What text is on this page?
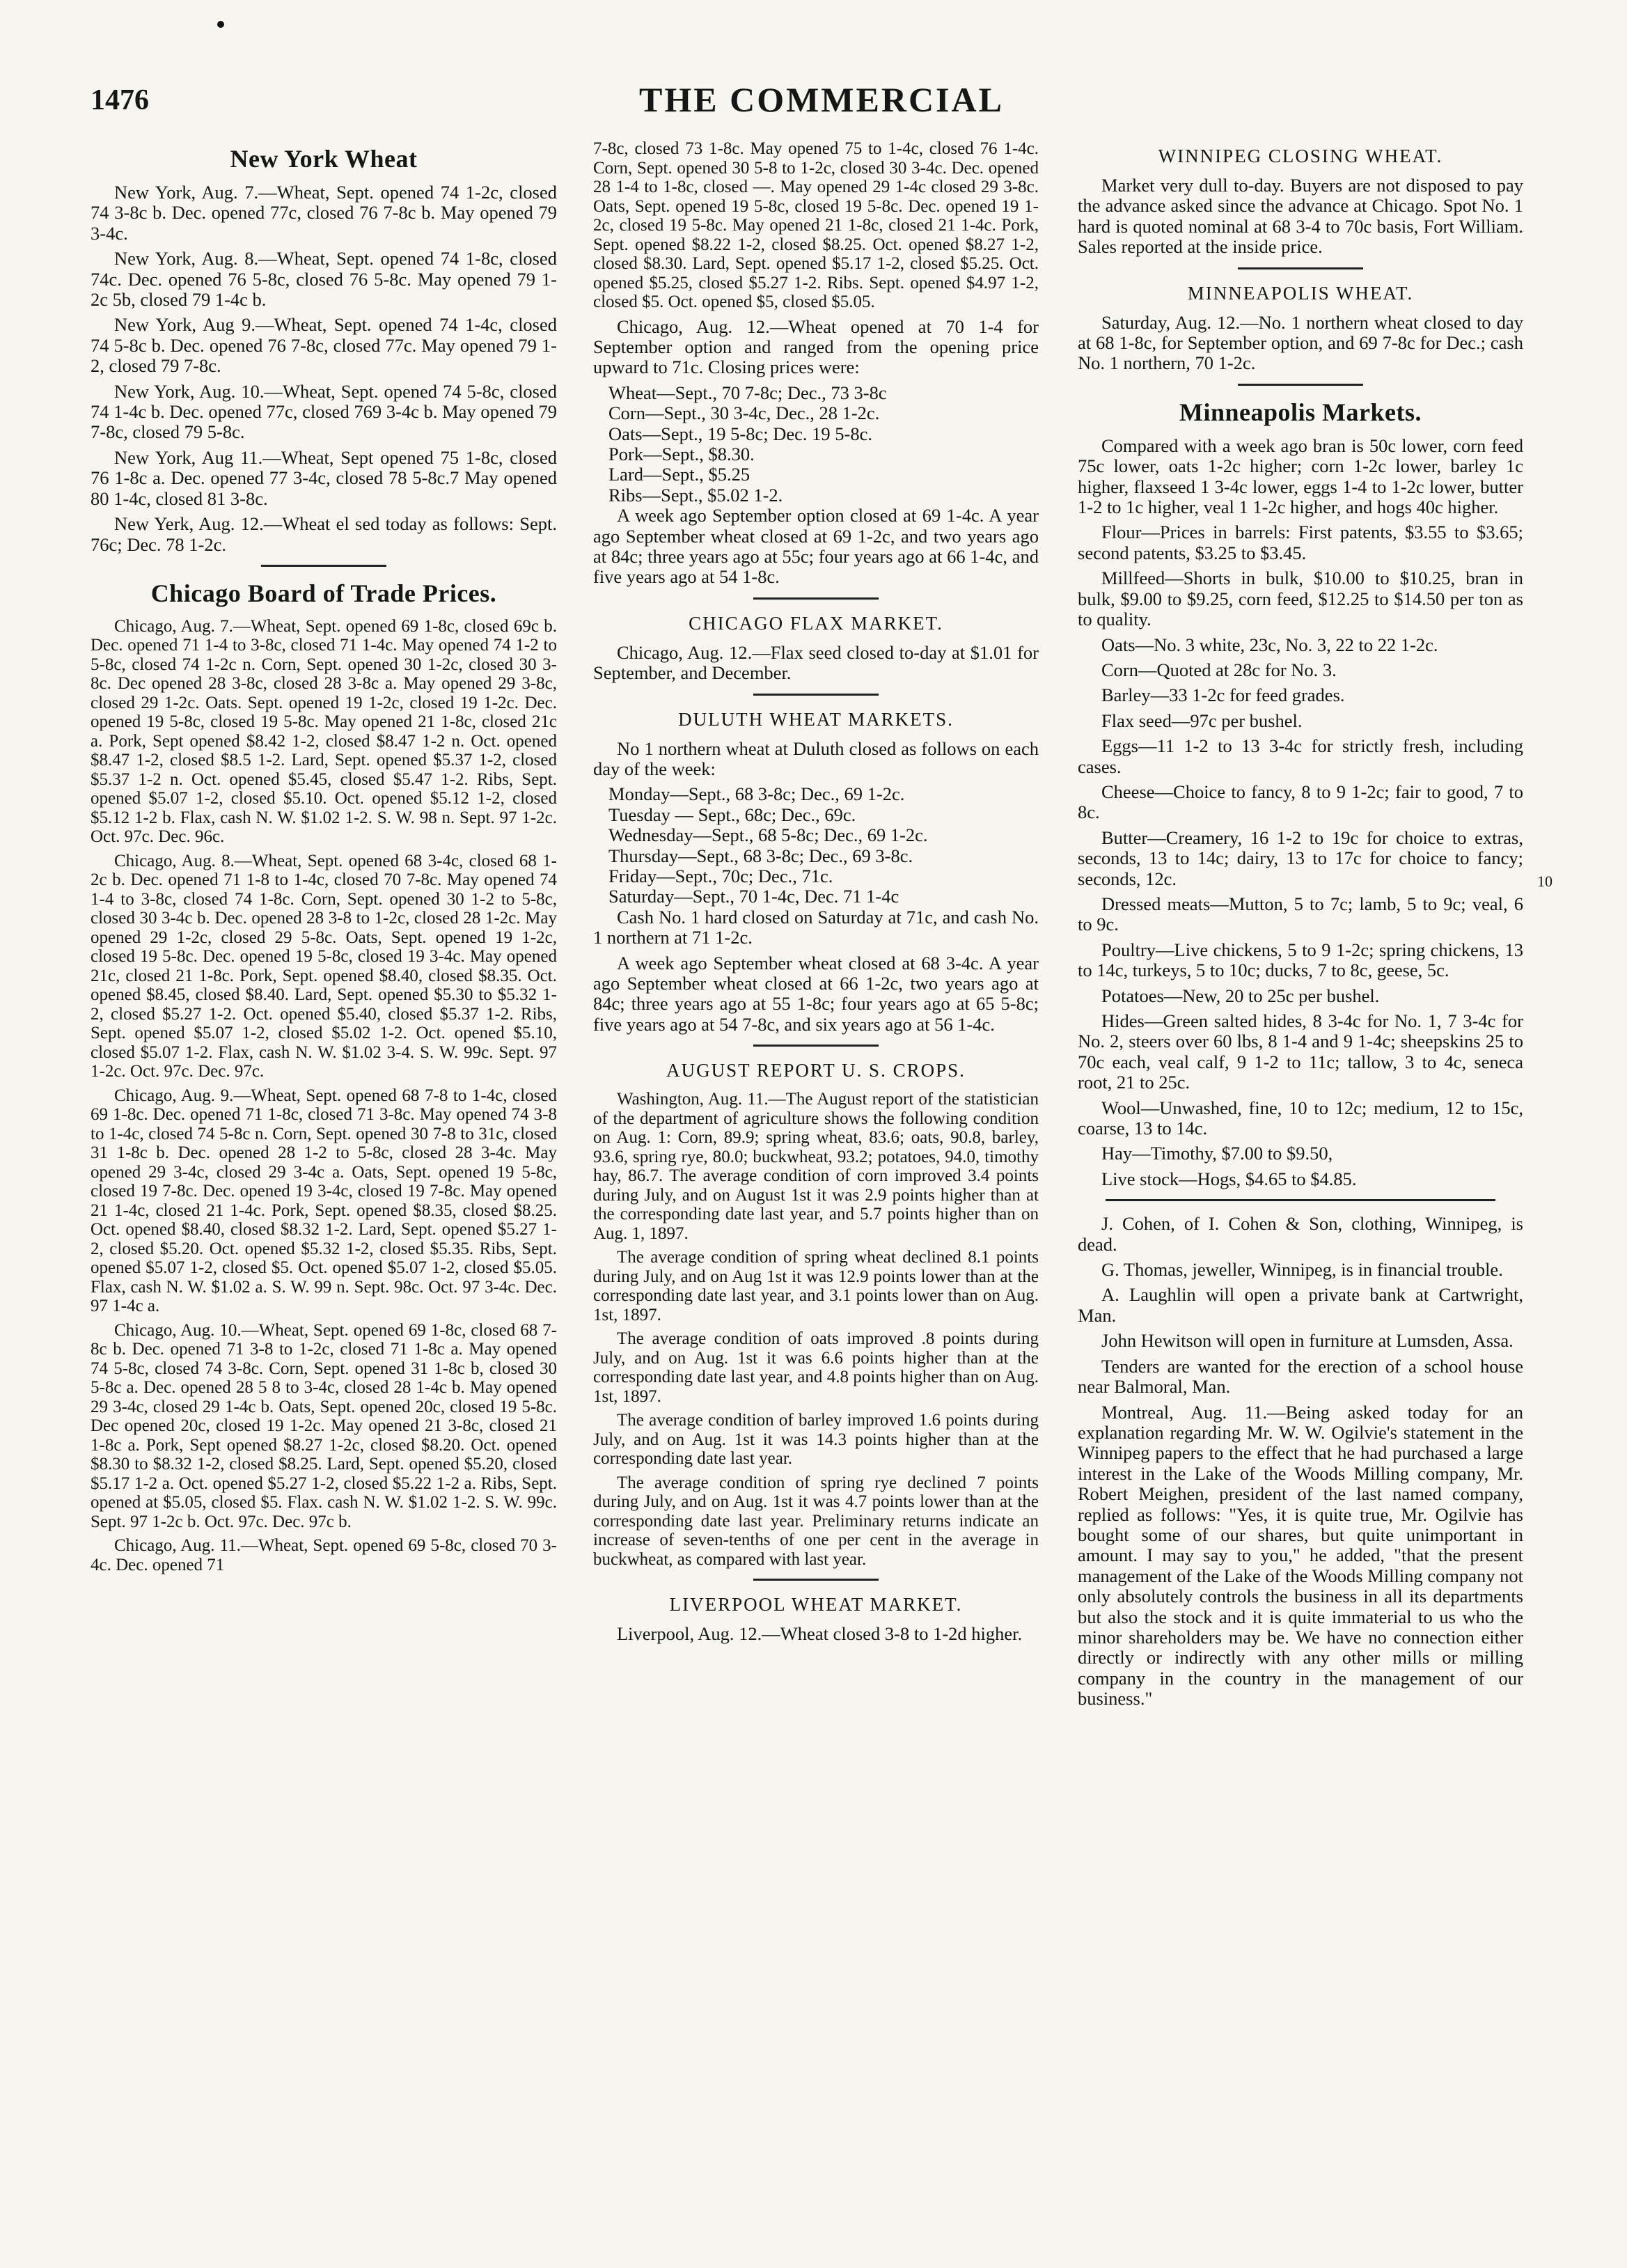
1476	THE COMMERCIAL
New York Wheat

New York, Aug. 7.—Wheat, Sept. opened 74 1-2c, closed 74 3-8c b. Dec. opened 77c, closed 76 7-8c b. May opened 79 3-4c.

New York, Aug. 8.—Wheat, Sept. opened 74 1-8c, closed 74c. Dec. opened 76 5-8c, closed 76 5-8c. May opened 79 1-2c 5b, closed 79 1-4c b.

New York, Aug 9.—Wheat, Sept. opened 74 1-4c, closed 74 5-8c b. Dec. opened 76 7-8c, closed 77c. May opened 79 1-2, closed 79 7-8c.

New York, Aug. 10.—Wheat, Sept. opened 74 5-8c, closed 74 1-4c b. Dec. opened 77c, closed 769 3-4c b. May opened 79 7-8c, closed 79 5-8c.

New York, Aug 11.—Wheat, Sept opened 75 1-8c, closed 76 1-8c a. Dec. opened 77 3-4c, closed 78 5-8c.7 May opened 80 1-4c, closed 81 3-8c.

New Yerk, Aug. 12.—Wheat el sed today as follows: Sept. 76c; Dec. 78 1-2c.

Chicago Board of Trade Prices.

Chicago, Aug. 7.—Wheat, Sept. opened 69 1-8c, closed 69c b. Dec. opened 71 1-4 to 3-8c, closed 71 1-4c. May opened 74 1-2 to 5-8c, closed 74 1-2c n. Corn, Sept. opened 30 1-2c, closed 30 3-8c. Dec opened 28 3-8c, closed 28 3-8c a. May opened 29 3-8c, closed 29 1-2c. Oats. Sept. opened 19 1-2c, closed 19 1-2c. Dec. opened 19 5-8c, closed 19 5-8c. May opened 21 1-8c, closed 21c a. Pork, Sept opened $8.42 1-2, closed $8.47 1-2 n. Oct. opened $8.47 1-2, closed $8.5 1-2. Lard, Sept. opened $5.37 1-2, closed $5.37 1-2 n. Oct. opened $5.45, closed $5.47 1-2. Ribs, Sept. opened $5.07 1-2, closed $5.10. Oct. opened $5.12 1-2, closed $5.12 1-2 b. Flax, cash N. W. $1.02 1-2. S. W. 98 n. Sept. 97 1-2c. Oct. 97c. Dec. 96c.

Chicago, Aug. 8.—Wheat, Sept. opened 68 3-4c, closed 68 1-2c b. Dec. opened 71 1-8 to 1-4c, closed 70 7-8c. May opened 74 1-4 to 3-8c, closed 74 1-8c. Corn, Sept. opened 30 1-2 to 5-8c, closed 30 3-4c b. Dec. opened 28 3-8 to 1-2c, closed 28 1-2c. May opened 29 1-2c, closed 29 5-8c. Oats, Sept. opened 19 1-2c, closed 19 5-8c. Dec. opened 19 5-8c, closed 19 3-4c. May opened 21c, closed 21 1-8c. Pork, Sept. opened $8.40, closed $8.35. Oct. opened $8.45, closed $8.40. Lard, Sept. opened $5.30 to $5.32 1-2, closed $5.27 1-2. Oct. opened $5.40, closed $5.37 1-2. Ribs, Sept. opened $5.07 1-2, closed $5.02 1-2. Oct. opened $5.10, closed $5.07 1-2. Flax, cash N. W. $1.02 3-4. S. W. 99c. Sept. 97 1-2c. Oct. 97c. Dec. 97c.

Chicago, Aug. 9.—Wheat, Sept. opened 68 7-8 to 1-4c, closed 69 1-8c. Dec. opened 71 1-8c, closed 71 3-8c. May opened 74 3-8 to 1-4c, closed 74 5-8c n. Corn, Sept. opened 30 7-8 to 31c, closed 31 1-8c b. Dec. opened 28 1-2 to 5-8c, closed 28 3-4c. May opened 29 3-4c, closed 29 3-4c a. Oats, Sept. opened 19 5-8c, closed 19 7-8c. Dec. opened 19 3-4c, closed 19 7-8c. May opened 21 1-4c, closed 21 1-4c. Pork, Sept. opened $8.35, closed $8.25. Oct. opened $8.40, closed $8.32 1-2. Lard, Sept. opened $5.27 1-2, closed $5.20. Oct. opened $5.32 1-2, closed $5.35. Ribs, Sept. opened $5.07 1-2, closed $5. Oct. opened $5.07 1-2, closed $5.05. Flax, cash N. W. $1.02 a. S. W. 99 n. Sept. 98c. Oct. 97 3-4c. Dec. 97 1-4c a.

Chicago, Aug. 10.—Wheat, Sept. opened 69 1-8c, closed 68 7-8c b. Dec. opened 71 3-8 to 1-2c, closed 71 1-8c a. May opened 74 5-8c, closed 74 3-8c. Corn, Sept. opened 31 1-8c b, closed 30 5-8c a. Dec. opened 28 5 8 to 3-4c, closed 28 1-4c b. May opened 29 3-4c, closed 29 1-4c b. Oats, Sept. opened 20c, closed 19 5-8c. Dec opened 20c, closed 19 1-2c. May opened 21 3-8c, closed 21 1-8c a. Pork, Sept opened $8.27 1-2c, closed $8.20. Oct. opened $8.30 to $8.32 1-2, closed $8.25. Lard, Sept. opened $5.20, closed $5.17 1-2 a. Oct. opened $5.27 1-2, closed $5.22 1-2 a. Ribs, Sept. opened at $5.05, closed $5. Flax. cash N. W. $1.02 1-2. S. W. 99c. Sept. 97 1-2c b. Oct. 97c. Dec. 97c b.

Chicago, Aug. 11.—Wheat, Sept. opened 69 5-8c, closed 70 3-4c. Dec. opened 71

7-8c, closed 73 1-8c. May opened 75 to 1-4c, closed 76 1-4c. Corn, Sept. opened 30 5-8 to 1-2c, closed 30 3-4c. Dec. opened 28 1-4 to 1-8c, closed —. May opened 29 1-4c closed 29 3-8c. Oats, Sept. opened 19 5-8c, closed 19 5-8c. Dec. opened 19 1-2c, closed 19 5-8c. May opened 21 1-8c, closed 21 1-4c. Pork, Sept. opened $8.22 1-2, closed $8.25. Oct. opened $8.27 1-2, closed $8.30. Lard, Sept. opened $5.17 1-2, closed $5.25. Oct. opened $5.25, closed $5.27 1-2. Ribs. Sept. opened $4.97 1-2, closed $5. Oct. opened $5, closed $5.05.

Chicago, Aug. 12.—Wheat opened at 70 1-4 for September option and ranged from the opening price upward to 71c. Closing prices were:

Wheat—Sept., 70 7-8c; Dec., 73 3-8c

Corn—Sept., 30 3-4c, Dec., 28 1-2c.

Oats—Sept., 19 5-8c; Dec. 19 5-8c.

Pork—Sept., $8.30.

Lard—Sept., $5.25

Ribs—Sept., $5.02 1-2.

A week ago September option closed at 69 1-4c. A year ago September wheat closed at 69 1-2c, and two years ago at 84c; three years ago at 55c; four years ago at 66 1-4c, and five years ago at 54 1-8c.

CHICAGO FLAX MARKET.

Chicago, Aug. 12.—Flax seed closed to-day at $1.01 for September, and December.

DULUTH WHEAT MARKETS.

No 1 northern wheat at Duluth closed as follows on each day of the week:

Monday—Sept., 68 3-8c; Dec., 69 1-2c.

Tuesday — Sept., 68c; Dec., 69c.

Wednesday—Sept., 68 5-8c; Dec., 69 1-2c.

Thursday—Sept., 68 3-8c; Dec., 69 3-8c.

Friday—Sept., 70c; Dec., 71c.

Saturday—Sept., 70 1-4c, Dec. 71 1-4c

Cash No. 1 hard closed on Saturday at 71c, and cash No. 1 northern at 71 1-2c.

A week ago September wheat closed at 68 3-4c. A year ago September wheat closed at 66 1-2c, two years ago at 84c; three years ago at 55 1-8c; four years ago at 65 5-8c; five years ago at 54 7-8c, and six years ago at 56 1-4c.

AUGUST REPORT U. S. CROPS.

Washington, Aug. 11.—The August report of the statistician of the department of agriculture shows the following condition on Aug. 1: Corn, 89.9; spring wheat, 83.6; oats, 90.8, barley, 93.6, spring rye, 80.0; buckwheat, 93.2; potatoes, 94.0, timothy hay, 86.7. The average condition of corn improved 3.4 points during July, and on August 1st it was 2.9 points higher than at the corresponding date last year, and 5.7 points higher than on Aug. 1, 1897.

The average condition of spring wheat declined 8.1 points during July, and on Aug 1st it was 12.9 points lower than at the corresponding date last year, and 3.1 points lower than on Aug. 1st, 1897.

The average condition of oats improved .8 points during July, and on Aug. 1st it was 6.6 points higher than at the corresponding date last year, and 4.8 points higher than on Aug. 1st, 1897.

The average condition of barley improved 1.6 points during July, and on Aug. 1st it was 14.3 points higher than at the corresponding date last year.

The average condition of spring rye declined 7 points during July, and on Aug. 1st it was 4.7 points lower than at the corresponding date last year. Preliminary returns indicate an increase of seven-tenths of one per cent in the average in buckwheat, as compared with last year.

LIVERPOOL WHEAT MARKET.

Liverpool, Aug. 12.—Wheat closed 3-8 to 1-2d higher.

WINNIPEG CLOSING WHEAT.

Market very dull to-day. Buyers are not disposed to pay the advance asked since the advance at Chicago. Spot No. 1 hard is quoted nominal at 68 3-4 to 70c basis, Fort William. Sales reported at the inside price.

MINNEAPOLIS WHEAT.

Saturday, Aug. 12.—No. 1 northern wheat closed to day at 68 1-8c, for September option, and 69 7-8c for Dec.; cash No. 1 northern, 70 1-2c.

Minneapolis Markets.

Compared with a week ago bran is 50c lower, corn feed 75c lower, oats 1-2c higher; corn 1-2c lower, barley 1c higher, flaxseed 1 3-4c lower, eggs 1-4 to 1-2c lower, butter 1-2 to 1c higher, veal 1 1-2c higher, and hogs 40c higher.

Flour—Prices in barrels: First patents, $3.55 to $3.65; second patents, $3.25 to $3.45.

Millfeed—Shorts in bulk, $10.00 to $10.25, bran in bulk, $9.00 to $9.25, corn feed, $12.25 to $14.50 per ton as to quality.

Oats—No. 3 white, 23c, No. 3, 22 to 22 1-2c.

Corn—Quoted at 28c for No. 3.

Barley—33 1-2c for feed grades.

Flax seed—97c per bushel.

Eggs—11 1-2 to 13 3-4c for strictly fresh, including cases.

Cheese—Choice to fancy, 8 to 9 1-2c; fair to good, 7 to 8c.

Butter—Creamery, 16 1-2 to 19c for choice to extras, seconds, 13 to 14c; dairy, 13 to 17c for choice to fancy; seconds, 12c.

Dressed meats—Mutton, 5 to 7c; lamb, 5 to 9c; veal, 6 to 9c.

Poultry—Live chickens, 5 to 9 1-2c; spring chickens, 13 to 14c, turkeys, 5 to 10c; ducks, 7 to 8c, geese, 5c.

Potatoes—New, 20 to 25c per bushel.

Hides—Green salted hides, 8 3-4c for No. 1, 7 3-4c for No. 2, steers over 60 lbs, 8 1-4 and 9 1-4c; sheepskins 25 to 70c each, veal calf, 9 1-2 to 11c; tallow, 3 to 4c, seneca root, 21 to 25c.

Wool—Unwashed, fine, 10 to 12c; medium, 12 to 15c, coarse, 13 to 14c.

Hay—Timothy, $7.00 to $9.50,

Live stock—Hogs, $4.65 to $4.85.

J. Cohen, of I. Cohen & Son, clothing, Winnipeg, is dead.

G. Thomas, jeweller, Winnipeg, is in financial trouble.

A. Laughlin will open a private bank at Cartwright, Man.

John Hewitson will open in furniture at Lumsden, Assa.

Tenders are wanted for the erection of a school house near Balmoral, Man.

Montreal, Aug. 11.—Being asked today for an explanation regarding Mr. W. W. Ogilvie's statement in the Winnipeg papers to the effect that he had purchased a large interest in the Lake of the Woods Milling company, Mr. Robert Meighen, president of the last named company, replied as follows: "Yes, it is quite true, Mr. Ogilvie has bought some of our shares, but quite unimportant in amount. I may say to you," he added, "that the present management of the Lake of the Woods Milling company not only absolutely controls the business in all its departments but also the stock and it is quite immaterial to us who the minor shareholders may be. We have no connection either directly or indirectly with any other mills or milling company in the country in the management of our business."

10
